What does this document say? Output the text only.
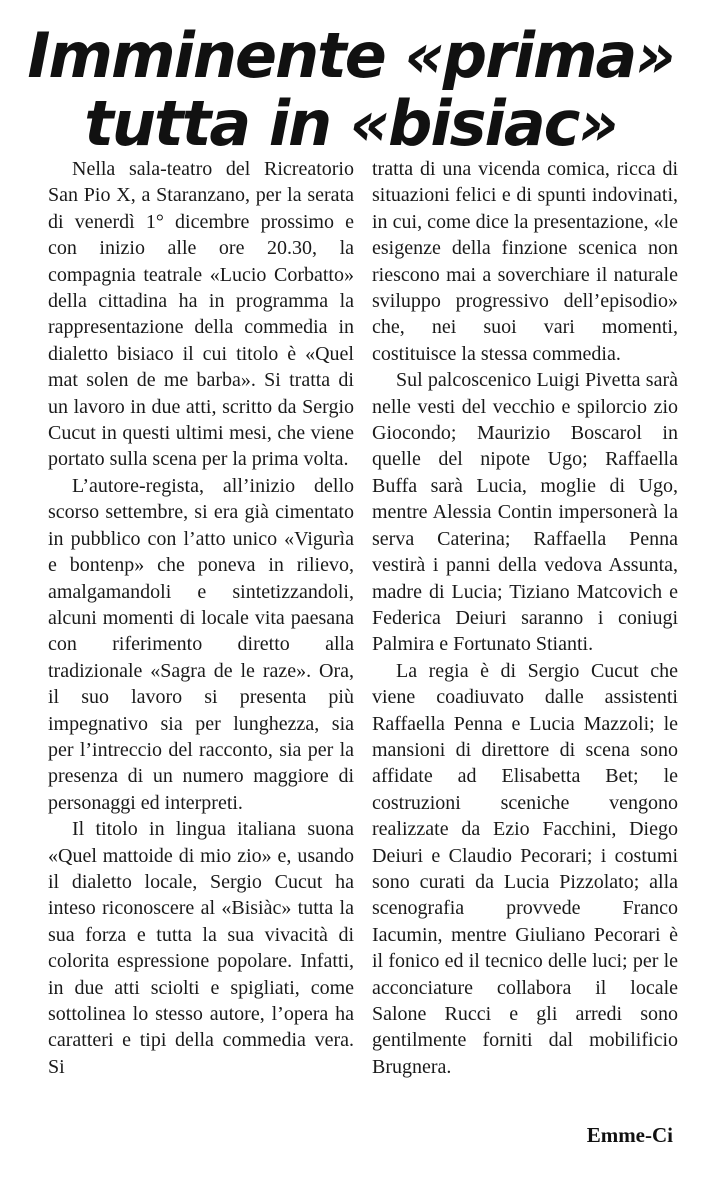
Imminente «prima»
tutta in «bisiac»

Nella sala-teatro del Ricreatorio San Pio X, a Staranzano, per la serata di venerdì 1° dicembre prossimo e con inizio alle ore 20.30, la compagnia teatrale «Lucio Corbatto» della cittadina ha in programma la rappresentazione della commedia in dialetto bisiaco il cui titolo è «Quel mat solen de me barba». Si tratta di un lavoro in due atti, scritto da Sergio Cucut in questi ultimi mesi, che viene portato sulla scena per la prima volta.

L’autore-regista, all’inizio dello scorso settembre, si era già cimentato in pubblico con l’atto unico «Vigurìa e bontenp» che poneva in rilievo, amalgamandoli e sintetizzandoli, alcuni momenti di locale vita paesana con riferimento diretto alla tradizionale «Sagra de le raze». Ora, il suo lavoro si presenta più impegnativo sia per lunghezza, sia per l’intreccio del racconto, sia per la presenza di un numero maggiore di personaggi ed interpreti.

Il titolo in lingua italiana suona «Quel mattoide di mio zio» e, usando il dialetto locale, Sergio Cucut ha inteso riconoscere al «Bisiàc» tutta la sua forza e tutta la sua vivacità di colorita espressione popolare. Infatti, in due atti sciolti e spigliati, come sottolinea lo stesso autore, l’opera ha caratteri e tipi della commedia vera. Si

tratta di una vicenda comica, ricca di situazioni felici e di spunti indovinati, in cui, come dice la presentazione, «le esigenze della finzione scenica non riescono mai a soverchiare il naturale sviluppo progressivo dell’episodio» che, nei suoi vari momenti, costituisce la stessa commedia.

Sul palcoscenico Luigi Pivetta sarà nelle vesti del vecchio e spilorcio zio Giocondo; Maurizio Boscarol in quelle del nipote Ugo; Raffaella Buffa sarà Lucia, moglie di Ugo, mentre Alessia Contin impersonerà la serva Caterina; Raffaella Penna vestirà i panni della vedova Assunta, madre di Lucia; Tiziano Matcovich e Federica Deiuri saranno i coniugi Palmira e Fortunato Stianti.

La regia è di Sergio Cucut che viene coadiuvato dalle assistenti Raffaella Penna e Lucia Mazzoli; le mansioni di direttore di scena sono affidate ad Elisabetta Bet; le costruzioni sceniche vengono realizzate da Ezio Facchini, Diego Deiuri e Claudio Pecorari; i costumi sono curati da Lucia Pizzolato; alla scenografia provvede Franco Iacumin, mentre Giuliano Pecorari è il fonico ed il tecnico delle luci; per le acconciature collabora il locale Salone Rucci e gli arredi sono gentilmente forniti dal mobilificio Brugnera.

Emme-Ci
